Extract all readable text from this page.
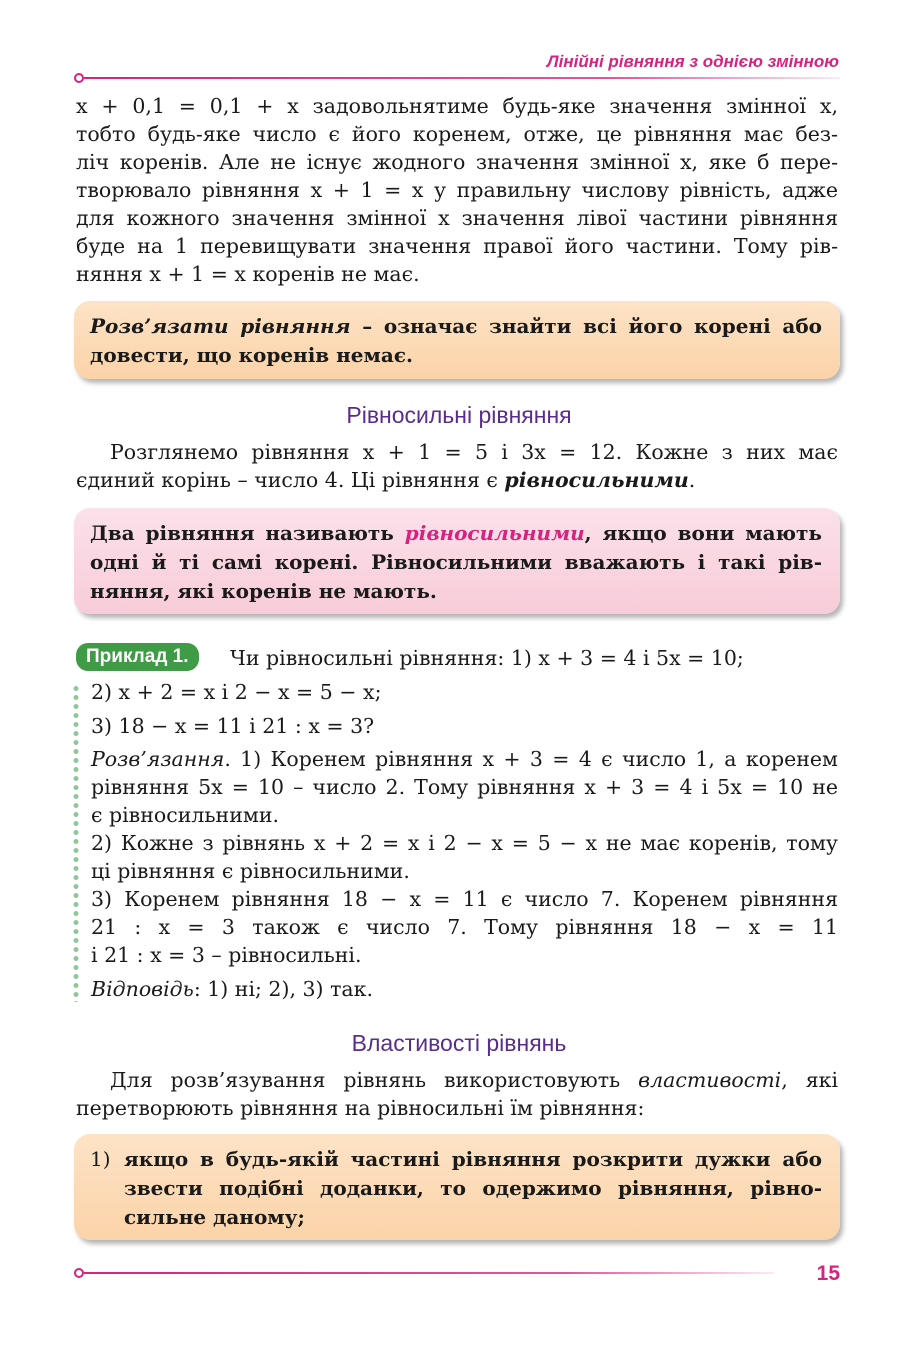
Лінійні рівняння з однією змінною
x + 0,1 = 0,1 + x задовольнятиме будь-яке значення змінної x,
тобто будь-яке число є його коренем, отже, це рівняння має без-
ліч коренів. Але не існує жодного значення змінної x, яке б пере-
творювало рівняння x + 1 = x у правильну числову рівність, адже
для кожного значення змінної x значення лівої частини рівняння
буде на 1 перевищувати значення правої його частини. Тому рів-
няння x + 1 = x коренів не має.
Розв’язати рівняння – означає знайти всі його корені або
довести, що коренів немає.
Рівносильні рівняння
Розглянемо рівняння x + 1 = 5 і 3x = 12. Кожне з них має
єдиний корінь – число 4. Ці рівняння є рівносильними.
Два рівняння називають рівносильними, якщо вони мають
одні й ті самі корені. Рівносильними вважають і такі рів-
няння, які коренів не мають.
Приклад 1.	Чи рівносильні рівняння: 1) x + 3 = 4 і 5x = 10;
2) x + 2 = x і 2 − x = 5 − x;
3) 18 − x = 11 і 21 : x = 3?
Розв’язання. 1) Коренем рівняння x + 3 = 4 є число 1, а коренем
рівняння 5x = 10 – число 2. Тому рівняння x + 3 = 4 і 5x = 10 не
є рівносильними.
2) Кожне з рівнянь x + 2 = x і 2 − x = 5 − x не має коренів, тому
ці рівняння є рівносильними.
3) Коренем рівняння 18 − x = 11 є число 7. Коренем рівняння
21 : x = 3 також є число 7. Тому рівняння 18 − x = 11
і 21 : x = 3 – рівносильні.
Відповідь: 1) ні; 2), 3) так.
Властивості рівнянь
Для розв’язування рівнянь використовують властивості, які
перетворюють рівняння на рівносильні їм рівняння:
1) якщо в будь-якій частині рівняння розкрити дужки або
звести подібні доданки, то одержимо рівняння, рівно-
сильне даному;
15
